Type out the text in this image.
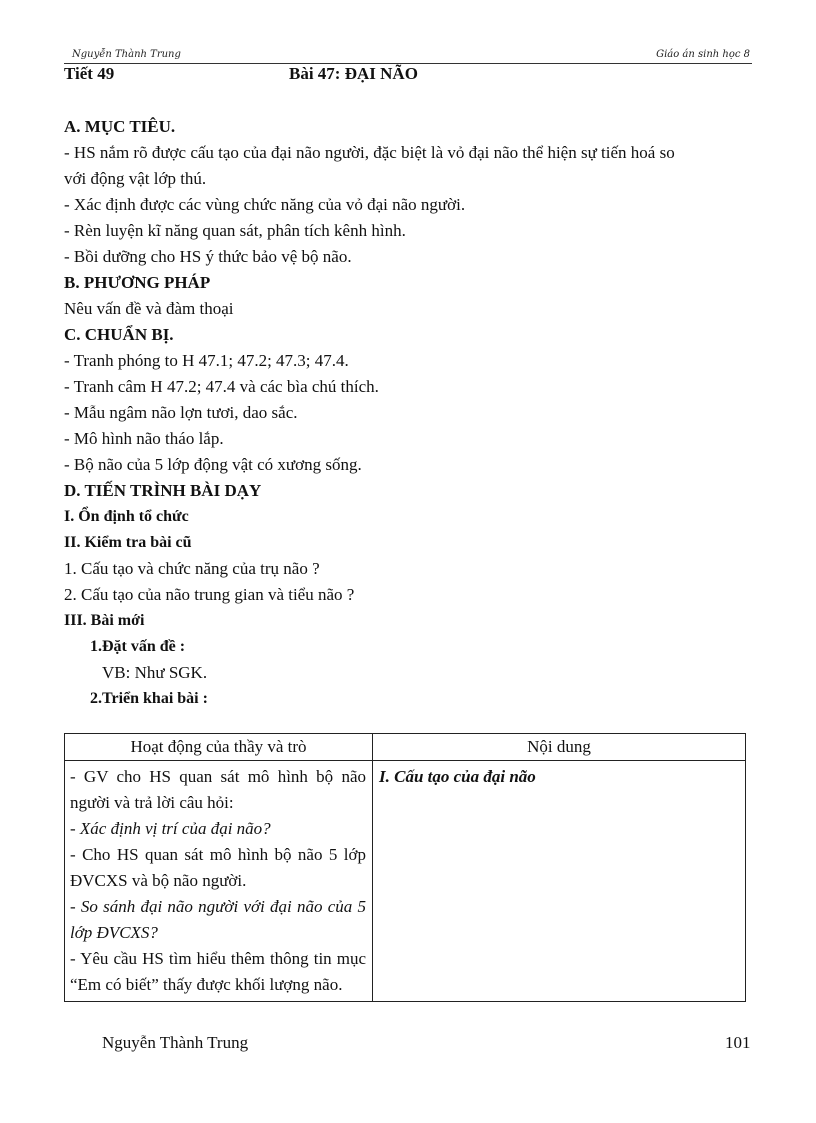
Nguyễn Thành Trung	Giáo án sinh học 8
Tiết 49	Bài 47: ĐẠI NÃO

A. MỤC TIÊU.

- HS nắm rõ được cấu tạo của đại não người, đặc biệt là vỏ đại não thể hiện sự tiến hoá so

với động vật lớp thú.

- Xác định được các vùng chức năng của vỏ đại não người.

- Rèn luyện kĩ năng quan sát, phân tích kênh hình.

- Bồi dưỡng cho HS ý thức bảo vệ bộ não.

B. PHƯƠNG PHÁP

Nêu vấn đề và đàm thoại

C. CHUẨN BỊ.

- Tranh phóng to H 47.1; 47.2; 47.3; 47.4.

- Tranh câm H 47.2; 47.4 và các bìa chú thích.

- Mẫu ngâm não lợn tươi, dao sắc.

- Mô hình não tháo lắp.

- Bộ não của 5 lớp động vật có xương sống.

D. TIẾN TRÌNH BÀI DẠY

I. Ổn định tổ chức

II. Kiểm tra bài cũ

1. Cấu tạo và chức năng của trụ não ?

2. Cấu tạo của não trung gian và tiểu não ?

III. Bài mới

1.Đặt vấn đề :

VB: Như SGK.

2.Triển khai bài :

Hoạt động của thầy và trò	Nội dung

- GV cho HS quan sát mô hình bộ não người và trả lời câu hỏi:
- Xác định vị trí của đại não?
- Cho HS quan sát mô hình bộ não 5 lớp ĐVCXS và bộ não người.
- So sánh đại não người với đại não của 5 lớp ĐVCXS?
- Yêu cầu HS tìm hiểu thêm thông tin mục “Em có biết” thấy được khối lượng não.	I. Cấu tạo của đại não
Nguyễn Thành Trung	101
